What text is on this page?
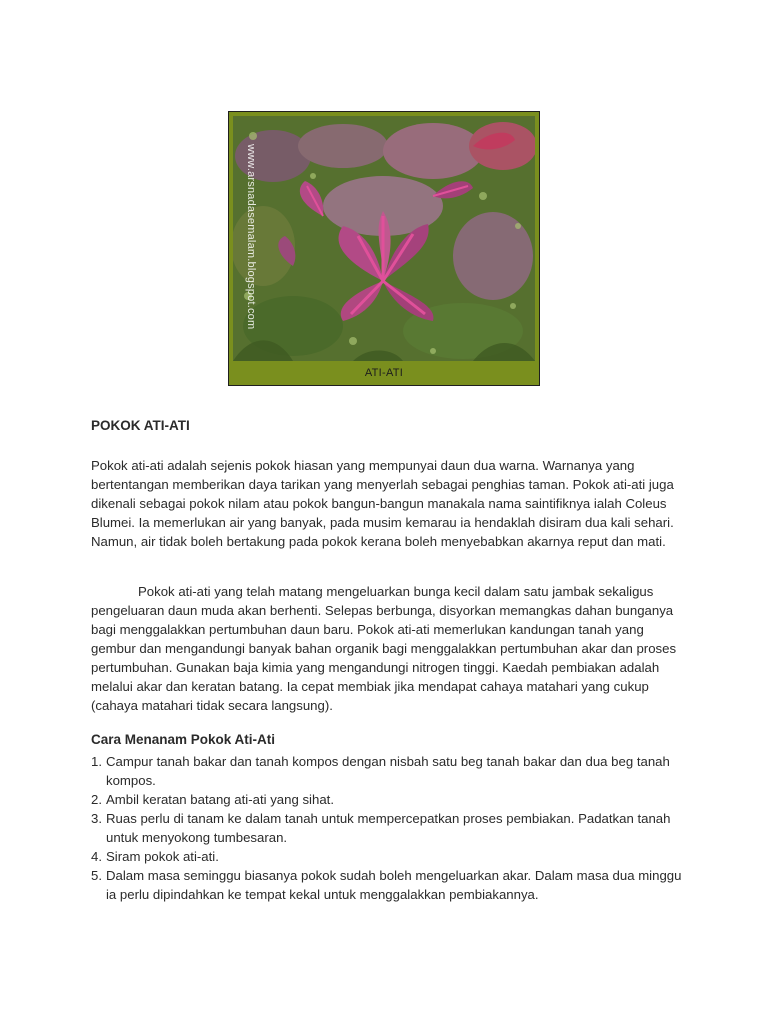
www.arsnadasemalam.blogspot.com
ATI-ATI
POKOK ATI-ATI

Pokok ati-ati adalah sejenis pokok hiasan yang mempunyai daun dua warna. Warnanya yang bertentangan memberikan daya tarikan yang menyerlah sebagai penghias taman. Pokok ati-ati juga dikenali sebagai pokok nilam atau pokok bangun-bangun manakala nama saintifiknya ialah Coleus Blumei. Ia memerlukan air yang banyak, pada musim kemarau ia hendaklah disiram dua kali sehari. Namun, air tidak boleh bertakung pada pokok kerana boleh menyebabkan akarnya reput dan mati.

Pokok ati-ati yang telah matang mengeluarkan bunga kecil dalam satu jambak sekaligus pengeluaran daun muda akan berhenti. Selepas berbunga, disyorkan memangkas dahan bunganya bagi menggalakkan pertumbuhan daun baru. Pokok ati-ati memerlukan kandungan tanah yang gembur dan mengandungi banyak bahan organik bagi menggalakkan pertumbuhan akar dan proses pertumbuhan. Gunakan baja kimia yang mengandungi nitrogen tinggi. Kaedah pembiakan adalah melalui akar dan keratan batang. Ia cepat membiak jika mendapat cahaya matahari yang cukup (cahaya matahari tidak secara langsung).

Cara Menanam Pokok Ati-Ati
1. Campur tanah bakar dan tanah kompos dengan nisbah satu beg tanah bakar dan dua beg tanah kompos.
2. Ambil keratan batang ati-ati yang sihat.
3. Ruas perlu di tanam ke dalam tanah untuk mempercepatkan proses pembiakan. Padatkan tanah untuk menyokong tumbesaran.
4. Siram pokok ati-ati.
5. Dalam masa seminggu biasanya pokok sudah boleh mengeluarkan akar. Dalam masa dua minggu ia perlu dipindahkan ke tempat kekal untuk menggalakkan pembiakannya.
